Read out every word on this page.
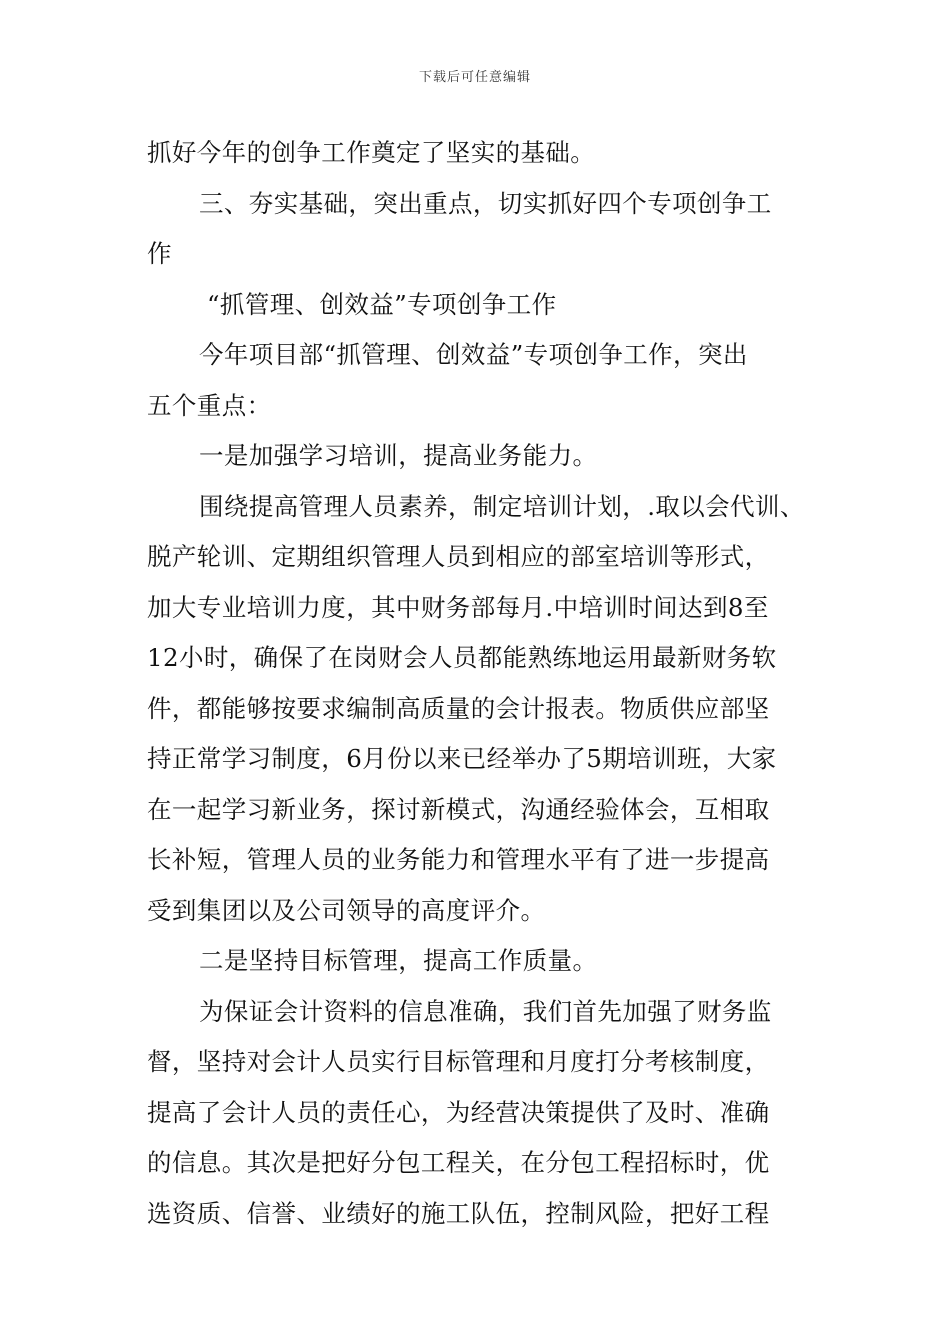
下载后可任意编辑
抓好今年的创争工作奠定了坚实的基础。
三、夯实基础，突出重点，切实抓好四个专项创争工
作
“抓管理、创效益”专项创争工作
今年项目部“抓管理、创效益”专项创争工作，突出
五个重点：
一是加强学习培训，提高业务能力。
围绕提高管理人员素养，制定培训计划，.取以会代训、
脱产轮训、定期组织管理人员到相应的部室培训等形式，
加大专业培训力度，其中财务部每月.中培训时间达到8至
12小时，确保了在岗财会人员都能熟练地运用最新财务软
件，都能够按要求编制高质量的会计报表。物质供应部坚
持正常学习制度，6月份以来已经举办了5期培训班，大家
在一起学习新业务，探讨新模式，沟通经验体会，互相取
长补短，管理人员的业务能力和管理水平有了进一步提高
受到集团以及公司领导的高度评介。
二是坚持目标管理，提高工作质量。
为保证会计资料的信息准确，我们首先加强了财务监
督，坚持对会计人员实行目标管理和月度打分考核制度，
提高了会计人员的责任心，为经营决策提供了及时、准确
的信息。其次是把好分包工程关，在分包工程招标时，优
选资质、信誉、业绩好的施工队伍，控制风险，把好工程
